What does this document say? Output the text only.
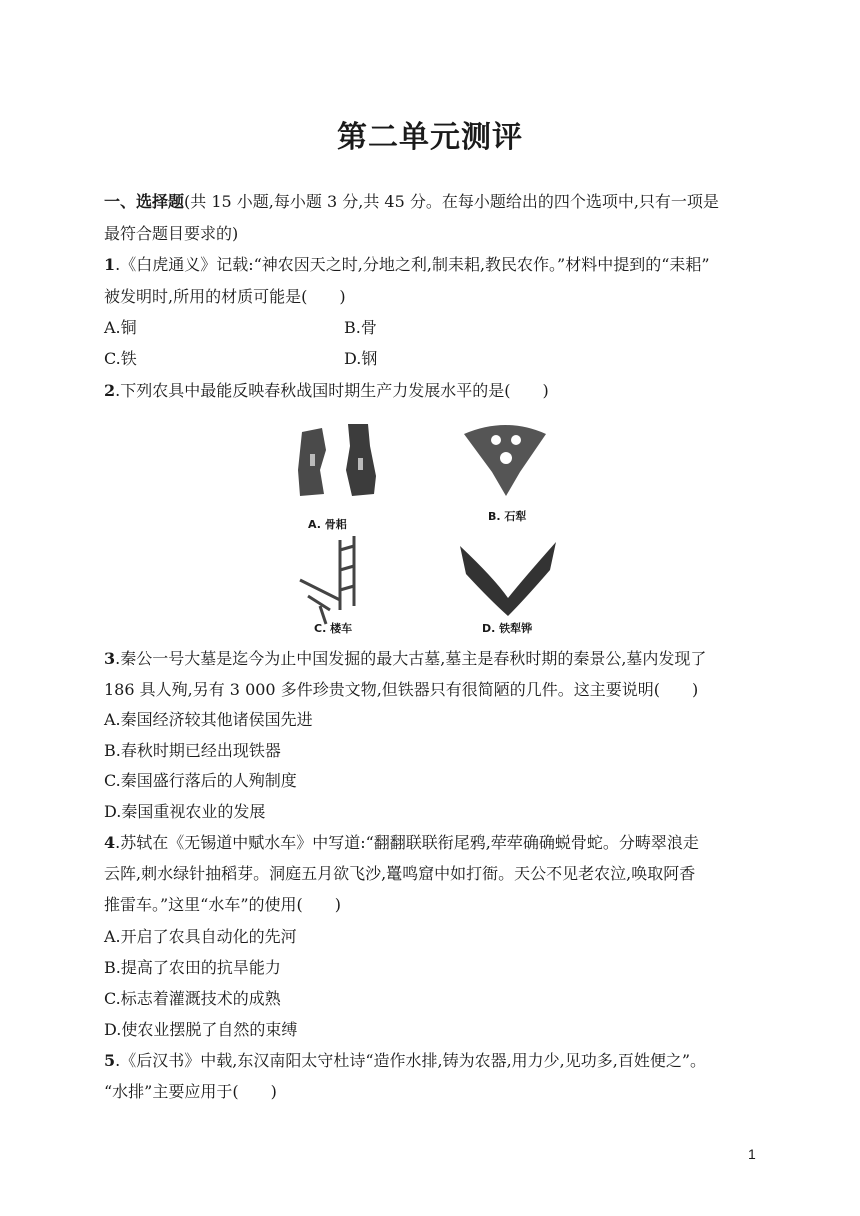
第二单元测评
一、选择题(共 15 小题,每小题 3 分,共 45 分。在每小题给出的四个选项中,只有一项是
最符合题目要求的)
1.《白虎通义》记载:“神农因天之时,分地之利,制耒耜,教民农作。”材料中提到的“耒耜”
被发明时,所用的材质可能是(　　)
A.铜	B.骨
C.铁	D.钢
2.下列农具中最能反映春秋战国时期生产力发展水平的是(　　)
A. 骨耜
B. 石犁
C. 楼车	D. 铁犁铧
3.秦公一号大墓是迄今为止中国发掘的最大古墓,墓主是春秋时期的秦景公,墓内发现了
186 具人殉,另有 3 000 多件珍贵文物,但铁器只有很简陋的几件。这主要说明(　　)
A.秦国经济较其他诸侯国先进
B.春秋时期已经出现铁器
C.秦国盛行落后的人殉制度
D.秦国重视农业的发展
4.苏轼在《无锡道中赋水车》中写道:“翻翻联联衔尾鸦,荦荦确确蜕骨蛇。分畴翠浪走
云阵,刺水绿针抽稻芽。洞庭五月欲飞沙,鼍鸣窟中如打衙。天公不见老农泣,唤取阿香
推雷车。”这里“水车”的使用(　　)
A.开启了农具自动化的先河
B.提高了农田的抗旱能力
C.标志着灌溉技术的成熟
D.使农业摆脱了自然的束缚
5.《后汉书》中载,东汉南阳太守杜诗“造作水排,铸为农器,用力少,见功多,百姓便之”。
“水排”主要应用于(　　)
1
